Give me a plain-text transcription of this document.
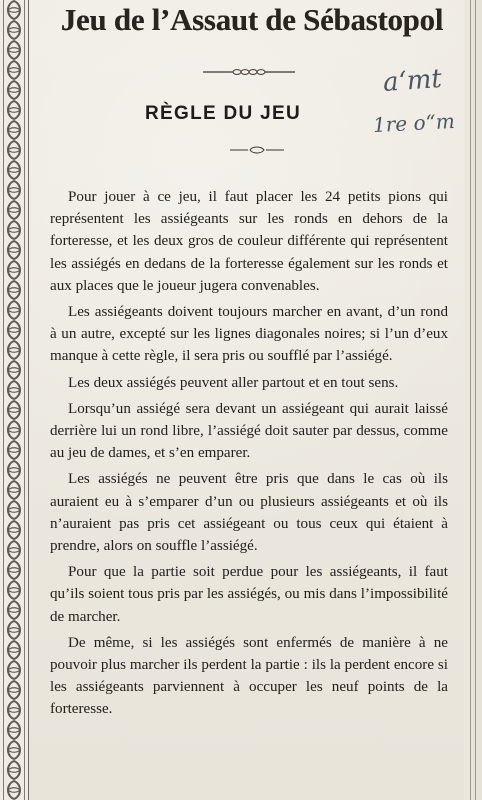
Jeu de l’Assaut de Sébastopol
RÈGLE DU JEU
a‘mt
1re o“m

Pour jouer à ce jeu, il faut placer les 24 petits pions qui représentent les assiégeants sur les ronds en dehors de la forteresse, et les deux gros de couleur différente qui représentent les assiégés en dedans de la forteresse également sur les ronds et aux places que le joueur jugera convenables.

Les assiégeants doivent toujours marcher en avant, d’un rond à un autre, excepté sur les lignes diagonales noires; si l’un d’eux manque à cette règle, il sera pris ou soufflé par l’assiégé.

Les deux assiégés peuvent aller partout et en tout sens.

Lorsqu’un assiégé sera devant un assiégeant qui aurait laissé derrière lui un rond libre, l’assiégé doit sauter par dessus, comme au jeu de dames, et s’en emparer.

Les assiégés ne peuvent être pris que dans le cas où ils auraient eu à s’emparer d’un ou plusieurs assiégeants et où ils n’auraient pas pris cet assiégeant ou tous ceux qui étaient à prendre, alors on souffle l’assiégé.

Pour que la partie soit perdue pour les assiégeants, il faut qu’ils soient tous pris par les assiégés, ou mis dans l’impossibilité de marcher.

De même, si les assiégés sont enfermés de manière à ne pouvoir plus marcher ils perdent la partie : ils la perdent encore si les assiégeants parviennent à occuper les neuf points de la forteresse.
